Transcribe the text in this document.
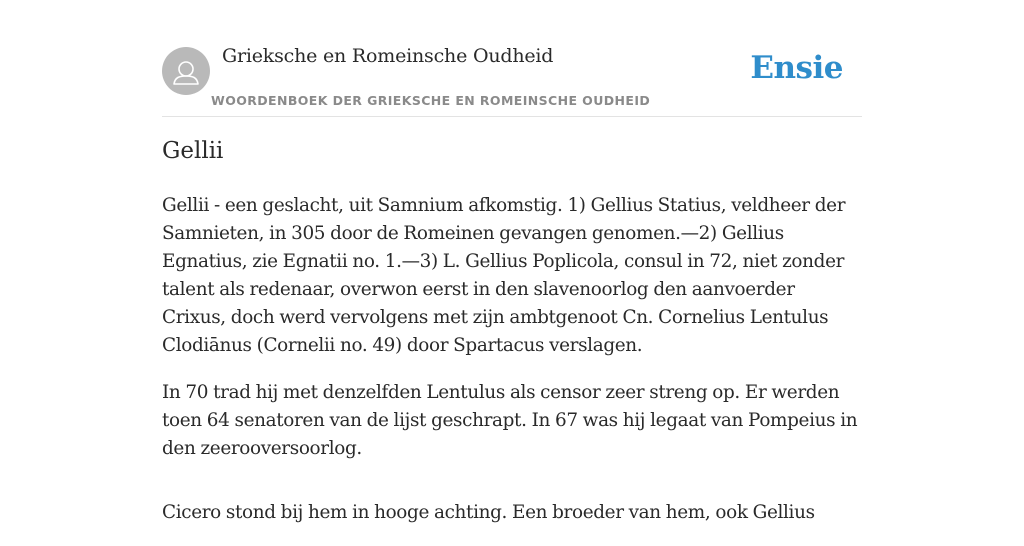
Grieksche en Romeinsche Oudheid
WOORDENBOEK DER GRIEKSCHE EN ROMEINSCHE OUDHEID
Ensie
Gellii

Gellii - een geslacht, uit Samnium afkomstig. 1) Gellius Statius, veldheer der Samnieten, in 305 door de Romeinen gevangen genomen.—2) Gellius Egnatius, zie Egnatii no. 1.—3) L. Gellius Poplicola, consul in 72, niet zonder talent als redenaar, overwon eerst in den slavenoorlog den aanvoerder Crixus, doch werd vervolgens met zijn ambtgenoot Cn. Cornelius Lentulus Clodiānus (Cornelii no. 49) door Spartacus verslagen.

In 70 trad hij met denzelfden Lentulus als censor zeer streng op. Er werden toen 64 senatoren van de lijst geschrapt. In 67 was hij legaat van Pompeius in den zeerooversoorlog.

Cicero stond bij hem in hooge achting. Een broeder van hem, ook Gellius
